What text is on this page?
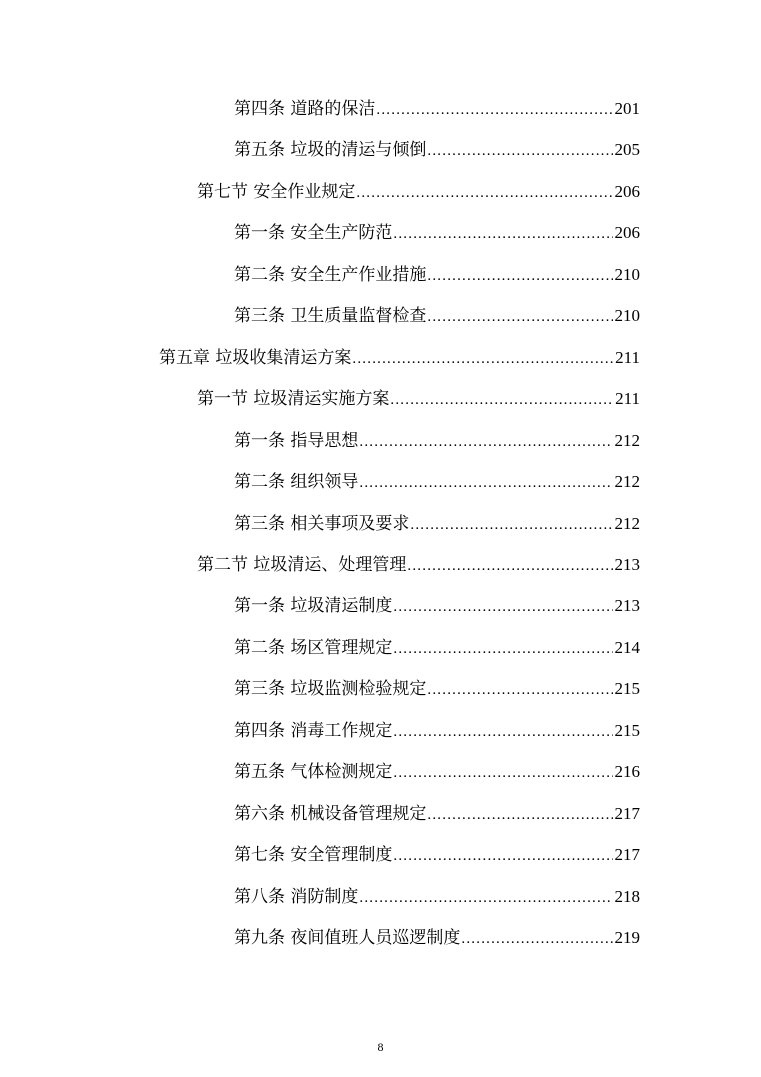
第四条 道路的保洁 .....	201
第五条 垃圾的清运与倾倒 .....	205
第七节 安全作业规定 .....	206
第一条 安全生产防范 .....	206
第二条 安全生产作业措施 .....	210
第三条 卫生质量监督检查 .....	210
第五章 垃圾收集清运方案 .....	211
第一节 垃圾清运实施方案 .....	211
第一条 指导思想 .....	212
第二条 组织领导 .....	212
第三条 相关事项及要求 .....	212
第二节 垃圾清运、处理管理 .....	213
第一条 垃圾清运制度 .....	213
第二条 场区管理规定 .....	214
第三条 垃圾监测检验规定 .....	215
第四条 消毒工作规定 .....	215
第五条 气体检测规定 .....	216
第六条 机械设备管理规定 .....	217
第七条 安全管理制度 .....	217
第八条 消防制度 .....	218
第九条 夜间值班人员巡逻制度 .....	219
8
